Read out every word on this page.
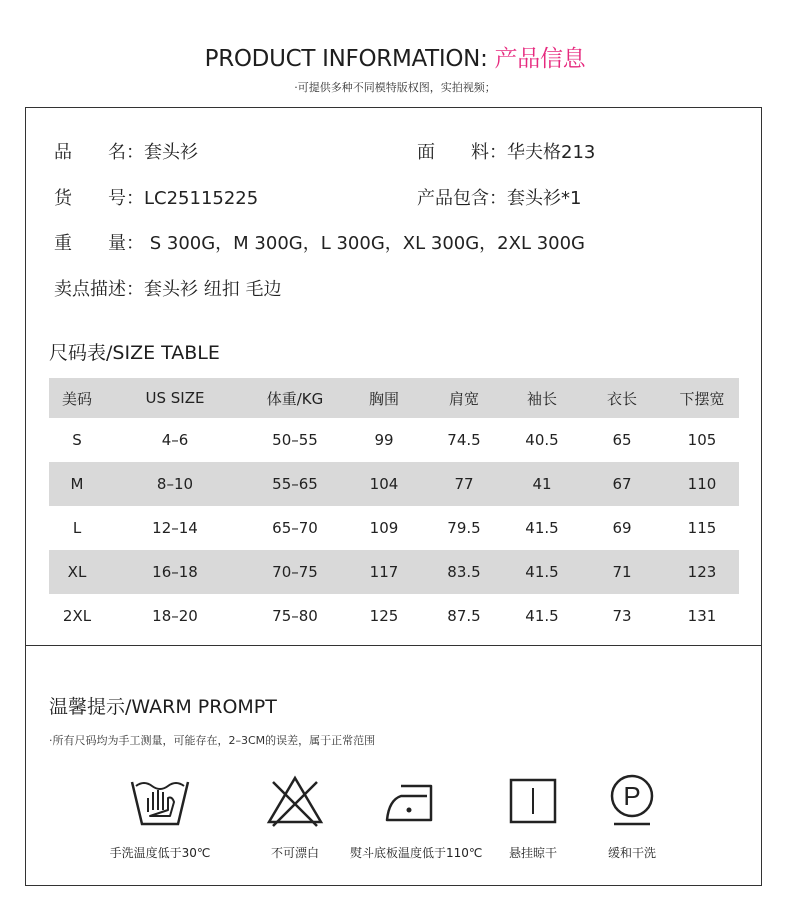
PRODUCT INFORMATION: 产品信息
·可提供多种不同模特版权图，实拍视频；
品　　名：套头衫	面　　料：华夫格213
货　　号：LC25115225	产品包含：套头衫*1
重　　量： S 300G，M 300G，L 300G，XL 300G，2XL 300G
卖点描述：套头衫 纽扣 毛边
尺码表/SIZE TABLE
美码	US SIZE	体重/KG	胸围	肩宽	袖长	衣长	下摆宽
S	4–6	50–55	99	74.5	40.5	65	105
M	8–10	55–65	104	77	41	67	110
L	12–14	65–70	109	79.5	41.5	69	115
XL	16–18	70–75	117	83.5	41.5	71	123
2XL	18–20	75–80	125	87.5	41.5	73	131
温馨提示/WARM PROMPT
·所有尺码均为手工测量，可能存在，2–3CM的误差，属于正常范围
手洗温度低于30℃	不可漂白	熨斗底板温度低于110℃	悬挂晾干
P
缓和干洗
